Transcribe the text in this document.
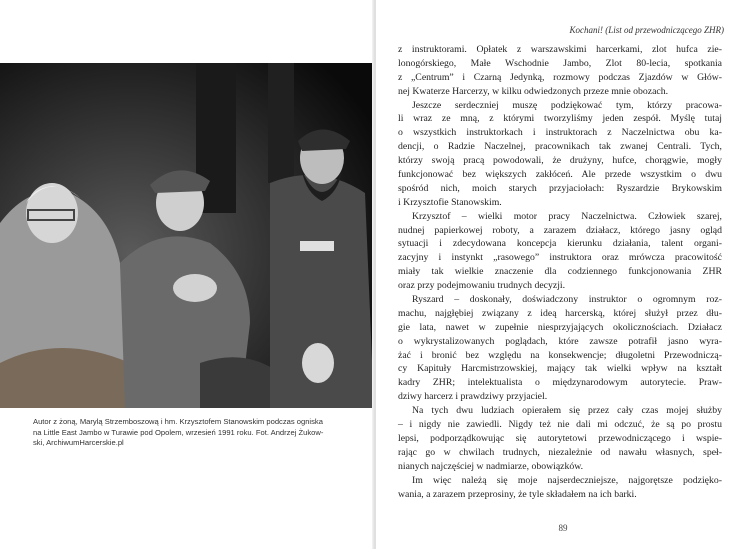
Autor z żoną, Marylą Strzemboszową i hm. Krzysztofem Stanowskim podczas ogniska
na Little East Jambo w Turawie pod Opolem, wrzesień 1991 roku. Fot. Andrzej Żukow-
ski, ArchiwumHarcerskie.pl
Kochani! (List od przewodniczącego ZHR)
z instruktorami. Opłatek z warszawskimi harcerkami, zlot hufca zie-
lonogórskiego, Małe Wschodnie Jambo, Zlot 80-lecia, spotkania
z „Centrum” i Czarną Jedynką, rozmowy podczas Zjazdów w Głów-
nej Kwaterze Harcerzy, w kilku odwiedzonych przeze mnie obozach.
Jeszcze serdeczniej muszę podziękować tym, którzy pracowa-
li wraz ze mną, z którymi tworzyliśmy jeden zespół. Myślę tutaj
o wszystkich instruktorkach i instruktorach z Naczelnictwa obu ka-
dencji, o Radzie Naczelnej, pracownikach tak zwanej Centrali. Tych,
którzy swoją pracą powodowali, że drużyny, hufce, chorągwie, mogły
funkcjonować bez większych zakłóceń. Ale przede wszystkim o dwu
spośród nich, moich starych przyjaciołach: Ryszardzie Brykowskim
i Krzysztofie Stanowskim.
Krzysztof – wielki motor pracy Naczelnictwa. Człowiek szarej,
nudnej papierkowej roboty, a zarazem działacz, którego jasny ogląd
sytuacji i zdecydowana koncepcja kierunku działania, talent organi-
zacyjny i instynkt „rasowego” instruktora oraz mrówcza pracowitość
miały tak wielkie znaczenie dla codziennego funkcjonowania ZHR
oraz przy podejmowaniu trudnych decyzji.
Ryszard – doskonały, doświadczony instruktor o ogromnym roz-
machu, najgłębiej związany z ideą harcerską, której służył przez dłu-
gie lata, nawet w zupełnie niesprzyjających okolicznościach. Działacz
o wykrystalizowanych poglądach, które zawsze potrafił jasno wyra-
żać i bronić bez względu na konsekwencje; długoletni Przewodniczą-
cy Kapituły Harcmistrzowskiej, mający tak wielki wpływ na kształt
kadry ZHR; intelektualista o międzynarodowym autorytecie. Praw-
dziwy harcerz i prawdziwy przyjaciel.
Na tych dwu ludziach opierałem się przez cały czas mojej służby
– i nigdy nie zawiedli. Nigdy też nie dali mi odczuć, że są po prostu
lepsi, podporządkowując się autorytetowi przewodniczącego i wspie-
rając go w chwilach trudnych, niezależnie od nawału własnych, speł-
nianych najczęściej w nadmiarze, obowiązków.
Im więc należą się moje najserdeczniejsze, najgorętsze podzięko-
wania, a zarazem przeprosiny, że tyle składałem na ich barki.
89
